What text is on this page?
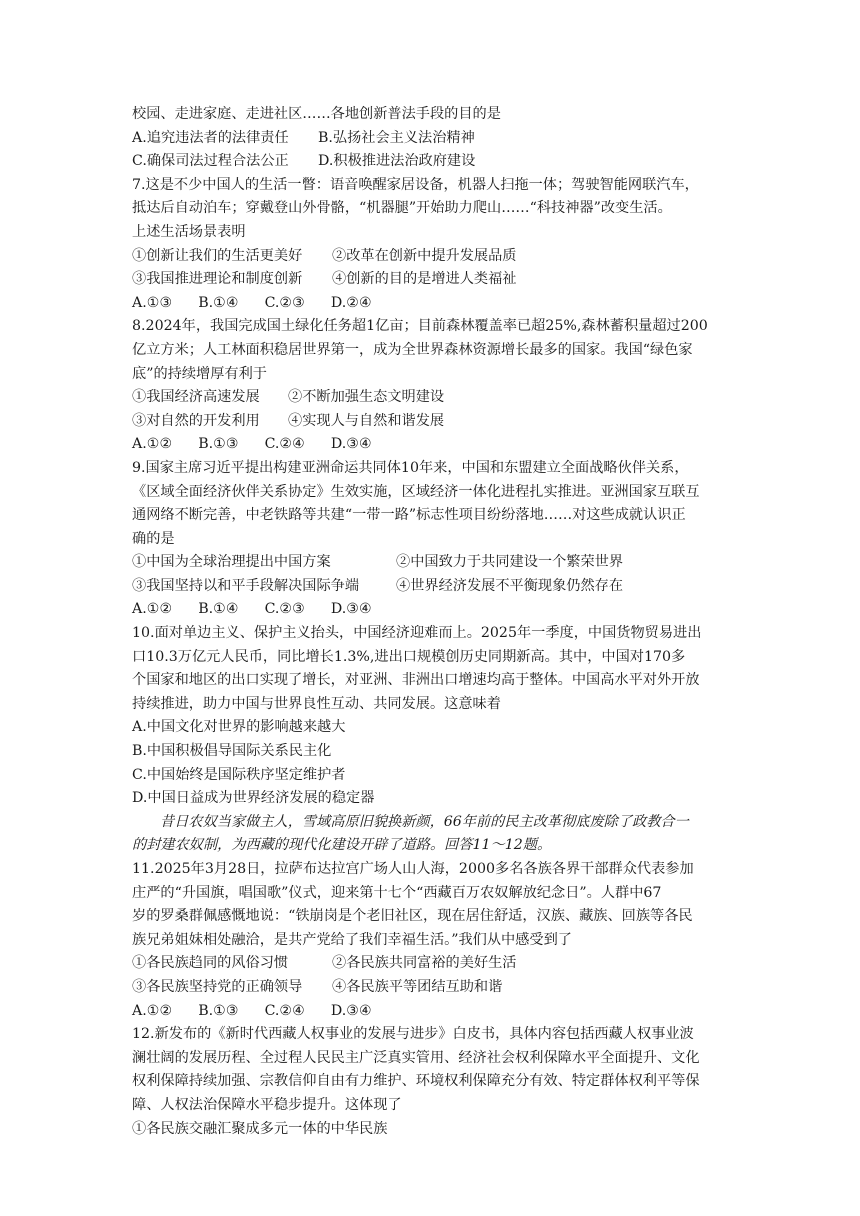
校园、走进家庭、走进社区……各地创新普法手段的目的是
A.追究违法者的法律责任	B.弘扬社会主义法治精神
C.确保司法过程合法公正	D.积极推进法治政府建设
7.这是不少中国人的生活一瞥：语音唤醒家居设备，机器人扫拖一体；驾驶智能网联汽车，
抵达后自动泊车；穿戴登山外骨骼，“机器腿”开始助力爬山……“科技神器”改变生活。
上述生活场景表明
①创新让我们的生活更美好	②改革在创新中提升发展品质
③我国推进理论和制度创新	④创新的目的是增进人类福祉
A.①③ B.①④ C.②③ D.②④
8.2024年，我国完成国土绿化任务超1亿亩；目前森林覆盖率已超25%,森林蓄积量超过200
亿立方米；人工林面积稳居世界第一，成为全世界森林资源增长最多的国家。我国“绿色家
底”的持续增厚有利于
①我国经济高速发展	②不断加强生态文明建设
③对自然的开发利用	④实现人与自然和谐发展
A.①② B.①③ C.②④ D.③④
9.国家主席习近平提出构建亚洲命运共同体10年来，中国和东盟建立全面战略伙伴关系，
《区域全面经济伙伴关系协定》生效实施，区域经济一体化进程扎实推进。亚洲国家互联互
通网络不断完善，中老铁路等共建“一带一路”标志性项目纷纷落地……对这些成就认识正
确的是
①中国为全球治理提出中国方案	②中国致力于共同建设一个繁荣世界
③我国坚持以和平手段解决国际争端	④世界经济发展不平衡现象仍然存在
A.①② B.①④ C.②③ D.③④
10.面对单边主义、保护主义抬头，中国经济迎难而上。2025年一季度，中国货物贸易进出
口10.3万亿元人民币，同比增长1.3%,进出口规模创历史同期新高。其中，中国对170多
个国家和地区的出口实现了增长，对亚洲、非洲出口增速均高于整体。中国高水平对外开放
持续推进，助力中国与世界良性互动、共同发展。这意味着
A.中国文化对世界的影响越来越大
B.中国积极倡导国际关系民主化
C.中国始终是国际秩序坚定维护者
D.中国日益成为世界经济发展的稳定器
昔日农奴当家做主人，雪域高原旧貌换新颜，66年前的民主改革彻底废除了政教合一
的封建农奴制，为西藏的现代化建设开辟了道路。回答11～12题。
11.2025年3月28日，拉萨布达拉宫广场人山人海，2000多名各族各界干部群众代表参加
庄严的“升国旗，唱国歌”仪式，迎来第十七个“西藏百万农奴解放纪念日”。人群中67
岁的罗桑群佩感慨地说：“铁崩岗是个老旧社区，现在居住舒适，汉族、藏族、回族等各民
族兄弟姐妹相处融洽，是共产党给了我们幸福生活。”我们从中感受到了
①各民族趋同的风俗习惯	②各民族共同富裕的美好生活
③各民族坚持党的正确领导	④各民族平等团结互助和谐
A.①② B.①③ C.②④ D.③④
12.新发布的《新时代西藏人权事业的发展与进步》白皮书，具体内容包括西藏人权事业波
澜壮阔的发展历程、全过程人民民主广泛真实管用、经济社会权利保障水平全面提升、文化
权利保障持续加强、宗教信仰自由有力维护、环境权利保障充分有效、特定群体权利平等保
障、人权法治保障水平稳步提升。这体现了
①各民族交融汇聚成多元一体的中华民族
